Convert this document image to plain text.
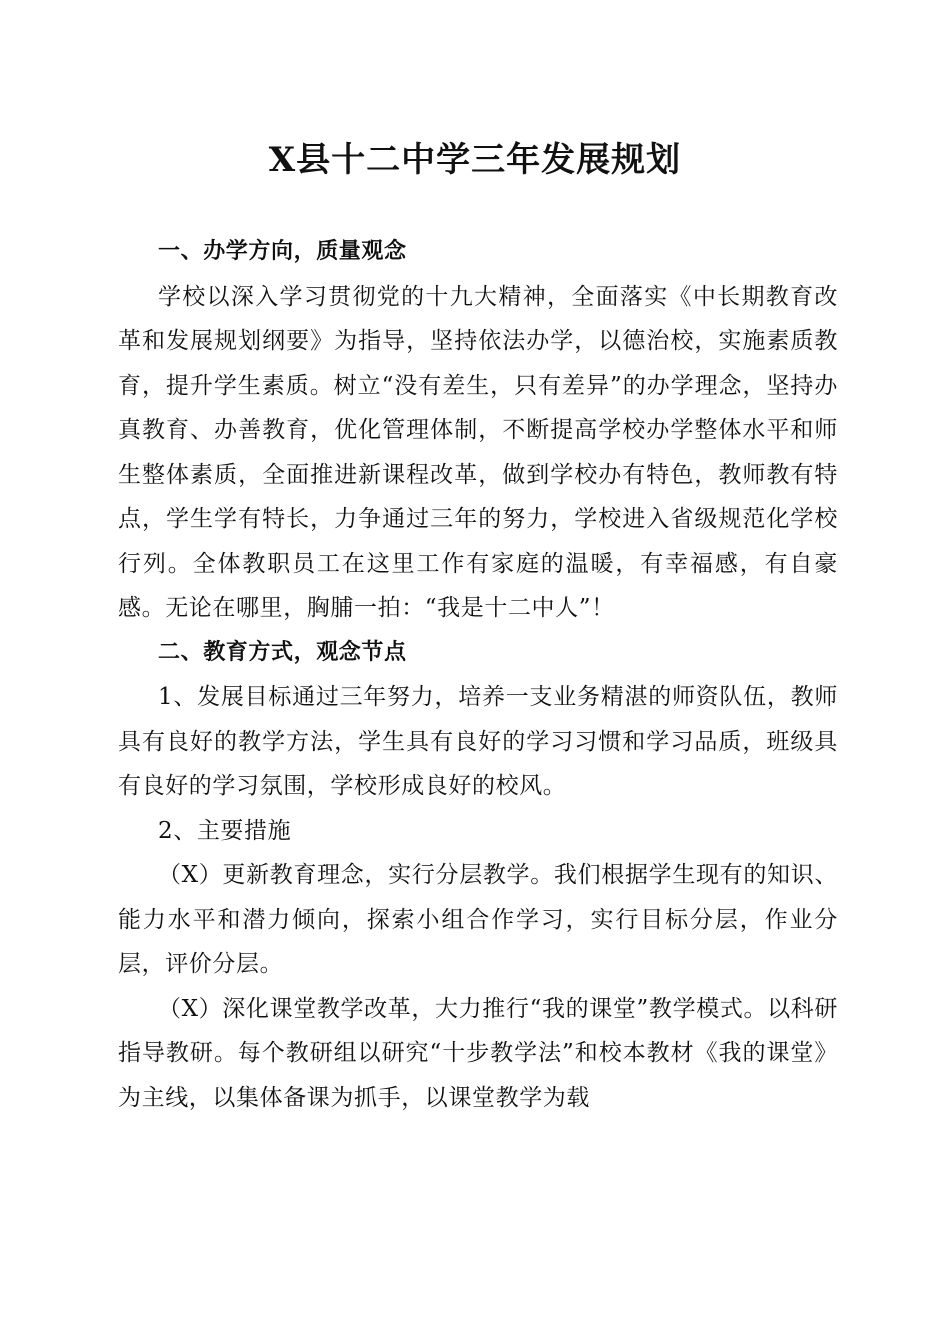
X县十二中学三年发展规划
一、办学方向，质量观念

学校以深入学习贯彻党的十九大精神，全面落实《中长期教育改革和发展规划纲要》为指导，坚持依法办学，以德治校，实施素质教育，提升学生素质。树立“没有差生，只有差异”的办学理念，坚持办真教育、办善教育，优化管理体制，不断提高学校办学整体水平和师生整体素质，全面推进新课程改革，做到学校办有特色，教师教有特点，学生学有特长，力争通过三年的努力，学校进入省级规范化学校行列。全体教职员工在这里工作有家庭的温暖，有幸福感，有自豪感。无论在哪里，胸脯一拍：“我是十二中人”！

二、教育方式，观念节点

1、发展目标通过三年努力，培养一支业务精湛的师资队伍，教师具有良好的教学方法，学生具有良好的学习习惯和学习品质，班级具有良好的学习氛围，学校形成良好的校风。

2、主要措施

（X）更新教育理念，实行分层教学。我们根据学生现有的知识、能力水平和潜力倾向，探索小组合作学习，实行目标分层，作业分层，评价分层。

（X）深化课堂教学改革，大力推行“我的课堂”教学模式。以科研指导教研。每个教研组以研究“十步教学法”和校本教材《我的课堂》为主线，以集体备课为抓手，以课堂教学为载
